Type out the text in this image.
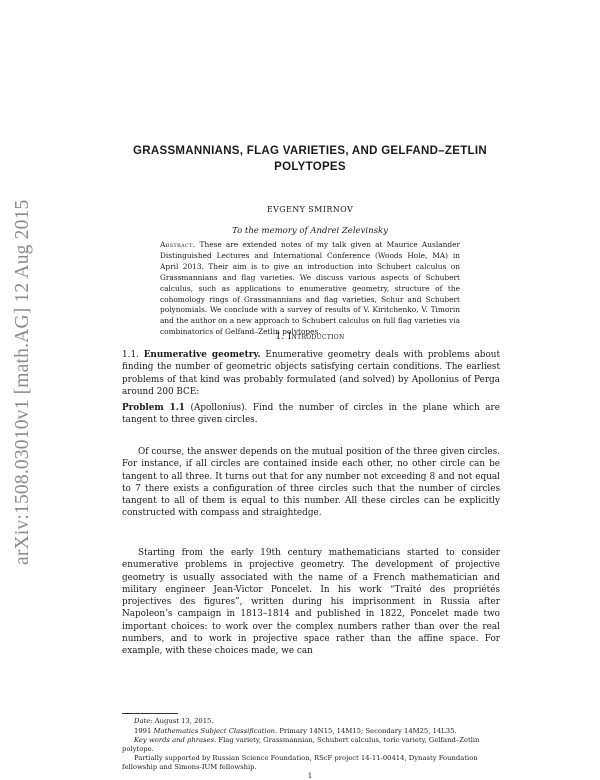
arXiv:1508.03010v1 [math.AG] 12 Aug 2015
GRASSMANNIANS, FLAG VARIETIES, AND GELFAND–ZETLIN
POLYTOPES
EVGENY SMIRNOV
To the memory of Andrei Zelevinsky
Abstract. These are extended notes of my talk given at Maurice Auslander Distinguished Lectures and International Conference (Woods Hole, MA) in April 2013. Their aim is to give an introduction into Schubert calculus on Grassmannians and flag varieties. We discuss various aspects of Schubert calculus, such as applications to enumerative geometry, structure of the cohomology rings of Grassmannians and flag varieties, Schur and Schubert polynomials. We conclude with a survey of results of V. Kiritchenko, V. Timorin and the author on a new approach to Schubert calculus on full flag varieties via combinatorics of Gelfand–Zetlin polytopes.
1. Introduction
1.1. Enumerative geometry. Enumerative geometry deals with problems about finding the number of geometric objects satisfying certain conditions. The earliest problems of that kind was probably formulated (and solved) by Apollonius of Perga around 200 BCE:
Problem 1.1 (Apollonius). Find the number of circles in the plane which are tangent to three given circles.
Of course, the answer depends on the mutual position of the three given circles. For instance, if all circles are contained inside each other, no other circle can be tangent to all three. It turns out that for any number not exceeding 8 and not equal to 7 there exists a configuration of three circles such that the number of circles tangent to all of them is equal to this number. All these circles can be explicitly constructed with compass and straightedge.
Starting from the early 19th century mathematicians started to consider enumerative problems in projective geometry. The development of projective geometry is usually associated with the name of a French mathematician and military engineer Jean-Victor Poncelet. In his work “Traité des propriétés projectives des figures”, written during his imprisonment in Russia after Napoleon’s campaign in 1813–1814 and published in 1822, Poncelet made two important choices: to work over the complex numbers rather than over the real numbers, and to work in projective space rather than the affine space. For example, with these choices made, we can
Date: August 13, 2015.
1991 Mathematics Subject Classification. Primary 14N15, 14M15; Secondary 14M25, 14L35.
Key words and phrases. Flag variety, Grassmannian, Schubert calculus, toric variety, Gelfand–Zetlin polytope.
Partially supported by Russian Science Foundation, RScF project 14-11-00414, Dynasty Foundation fellowship and Simons-IUM fellowship.
1
